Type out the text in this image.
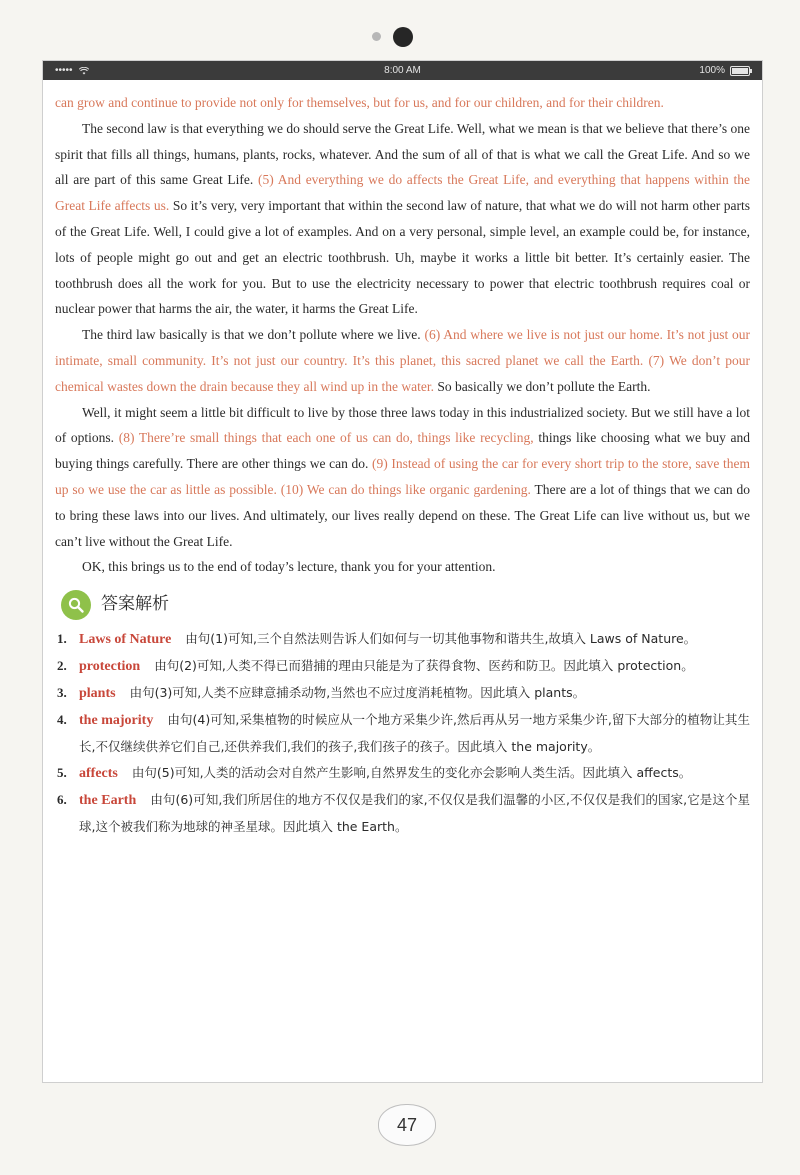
•••••	8:00 AM	100%

can grow and continue to provide not only for themselves, but for us, and for our children, and for their children.

The second law is that everything we do should serve the Great Life. Well, what we mean is that we believe that there’s one spirit that fills all things, humans, plants, rocks, whatever. And the sum of all of that is what we call the Great Life. And so we all are part of this same Great Life. (5) And everything we do affects the Great Life, and everything that happens within the Great Life affects us. So it’s very, very important that within the second law of nature, that what we do will not harm other parts of the Great Life. Well, I could give a lot of examples. And on a very personal, simple level, an example could be, for instance, lots of people might go out and get an electric toothbrush. Uh, maybe it works a little bit better. It’s certainly easier. The toothbrush does all the work for you. But to use the electricity necessary to power that electric toothbrush requires coal or nuclear power that harms the air, the water, it harms the Great Life.

The third law basically is that we don’t pollute where we live. (6) And where we live is not just our home. It’s not just our intimate, small community. It’s not just our country. It’s this planet, this sacred planet we call the Earth. (7) We don’t pour chemical wastes down the drain because they all wind up in the water. So basically we don’t pollute the Earth.

Well, it might seem a little bit difficult to live by those three laws today in this industrialized society. But we still have a lot of options. (8) There’re small things that each one of us can do, things like recycling, things like choosing what we buy and buying things carefully. There are other things we can do. (9) Instead of using the car for every short trip to the store, save them up so we use the car as little as possible. (10) We can do things like organic gardening. There are a lot of things that we can do to bring these laws into our lives. And ultimately, our lives really depend on these. The Great Life can live without us, but we can’t live without the Great Life.

OK, this brings us to the end of today’s lecture, thank you for your attention.

答案解析
1. Laws of Nature 由句(1)可知,三个自然法则告诉人们如何与一切其他事物和谐共生,故填入 Laws of Nature。
2. protection 由句(2)可知,人类不得已而猎捕的理由只能是为了获得食物、医药和防卫。因此填入 protection。
3. plants 由句(3)可知,人类不应肆意捕杀动物,当然也不应过度消耗植物。因此填入 plants。
4. the majority 由句(4)可知,采集植物的时候应从一个地方采集少许,然后再从另一地方采集少许,留下大部分的植物让其生长,不仅继续供养它们自己,还供养我们,我们的孩子,我们孩子的孩子。因此填入 the majority。
5. affects 由句(5)可知,人类的活动会对自然产生影响,自然界发生的变化亦会影响人类生活。因此填入 affects。
6. the Earth 由句(6)可知,我们所居住的地方不仅仅是我们的家,不仅仅是我们温馨的小区,不仅仅是我们的国家,它是这个星球,这个被我们称为地球的神圣星球。因此填入 the Earth。
47
